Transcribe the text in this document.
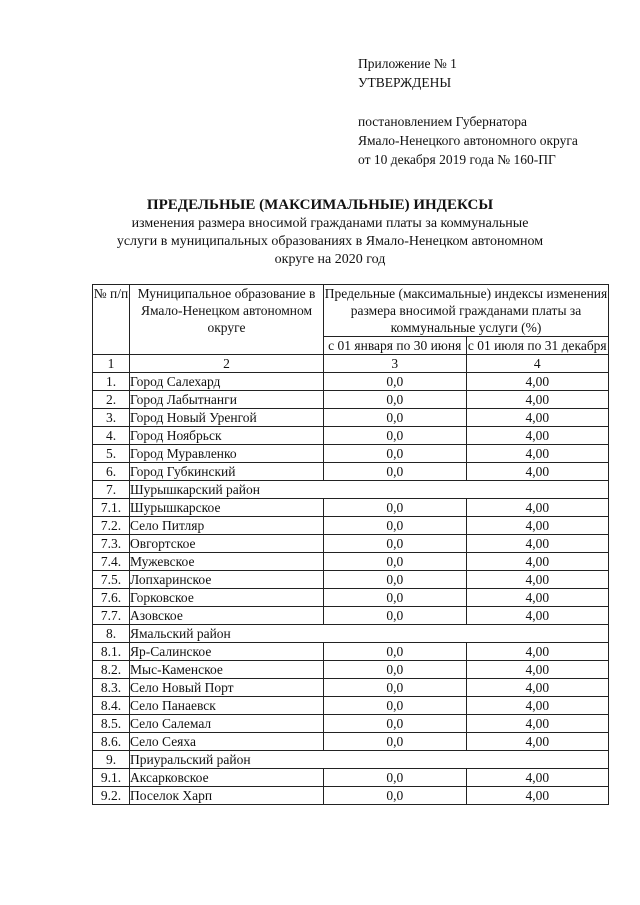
Приложение № 1
УТВЕРЖДЕНЫ
постановлением Губернатора
Ямало-Ненецкого автономного округа
от 10 декабря 2019 года № 160-ПГ
ПРЕДЕЛЬНЫЕ (МАКСИМАЛЬНЫЕ) ИНДЕКСЫ
изменения размера вносимой гражданами платы за коммунальные услуги в муниципальных образованиях в Ямало-Ненецком автономном округе на 2020 год
№ п/п	Муниципальное образование в Ямало-Ненецком автономном округе	Предельные (максимальные) индексы изменения размера вносимой гражданами платы за коммунальные услуги (%)	
		с 01 января по 30 июня	с 01 июля по 31 декабря
1	2	3	4
1.	Город Салехард	0,0	4,00
2.	Город Лабытнанги	0,0	4,00
3.	Город Новый Уренгой	0,0	4,00
4.	Город Ноябрьск	0,0	4,00
5.	Город Муравленко	0,0	4,00
6.	Город Губкинский	0,0	4,00
7.	Шурышкарский район		
7.1.	Шурышкарское	0,0	4,00
7.2.	Село Питляр	0,0	4,00
7.3.	Овгортское	0,0	4,00
7.4.	Мужевское	0,0	4,00
7.5.	Лопхаринское	0,0	4,00
7.6.	Горковское	0,0	4,00
7.7.	Азовское	0,0	4,00
8.	Ямальский район		
8.1.	Яр-Салинское	0,0	4,00
8.2.	Мыс-Каменское	0,0	4,00
8.3.	Село Новый Порт	0,0	4,00
8.4.	Село Панаевск	0,0	4,00
8.5.	Село Салемал	0,0	4,00
8.6.	Село Сеяха	0,0	4,00
9.	Приуральский район		
9.1.	Аксарковское	0,0	4,00
9.2.	Поселок Харп	0,0	4,00
